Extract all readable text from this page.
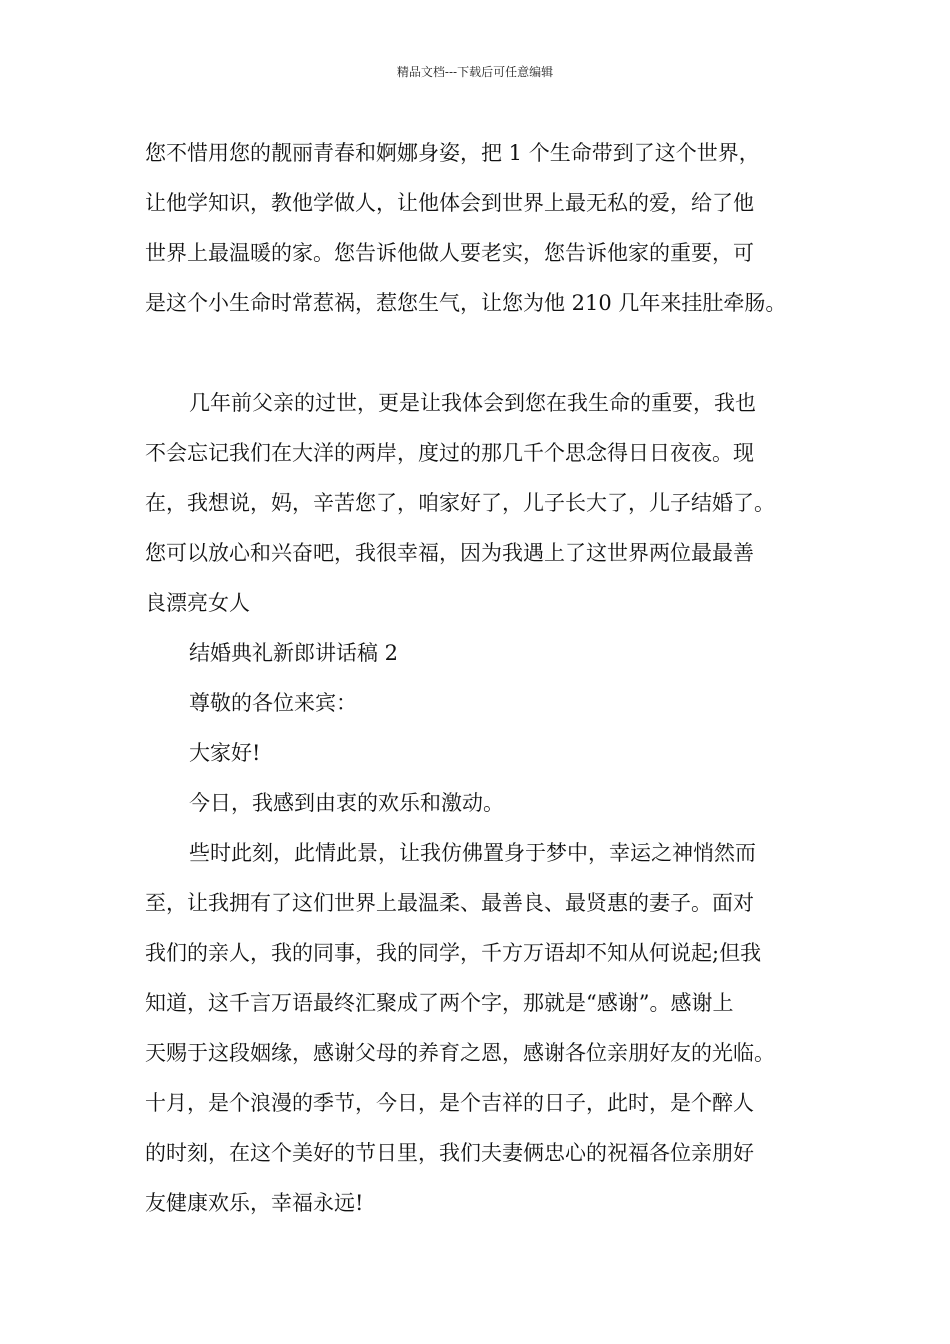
精品文档---下载后可任意编辑

您不惜用您的靓丽青春和婀娜身姿，把 1 个生命带到了这个世界，
让他学知识，教他学做人，让他体会到世界上最无私的爱，给了他
世界上最温暖的家。您告诉他做人要老实，您告诉他家的重要，可
是这个小生命时常惹祸，惹您生气，让您为他 210 几年来挂肚牵肠。

几年前父亲的过世，更是让我体会到您在我生命的重要，我也
不会忘记我们在大洋的两岸，度过的那几千个思念得日日夜夜。现
在，我想说，妈，辛苦您了，咱家好了，儿子长大了，儿子结婚了。
您可以放心和兴奋吧，我很幸福，因为我遇上了这世界两位最最善
良漂亮女人

结婚典礼新郎讲话稿 2

尊敬的各位来宾：

大家好!

今日，我感到由衷的欢乐和激动。

些时此刻，此情此景，让我仿佛置身于梦中，幸运之神悄然而
至，让我拥有了这们世界上最温柔、最善良、最贤惠的妻子。面对
我们的亲人，我的同事，我的同学，千方万语却不知从何说起;但我
知道，这千言万语最终汇聚成了两个字，那就是“感谢”。感谢上
天赐于这段姻缘，感谢父母的养育之恩，感谢各位亲朋好友的光临。
十月，是个浪漫的季节，今日，是个吉祥的日子，此时，是个醉人
的时刻，在这个美好的节日里，我们夫妻俩忠心的祝福各位亲朋好
友健康欢乐，幸福永远!
